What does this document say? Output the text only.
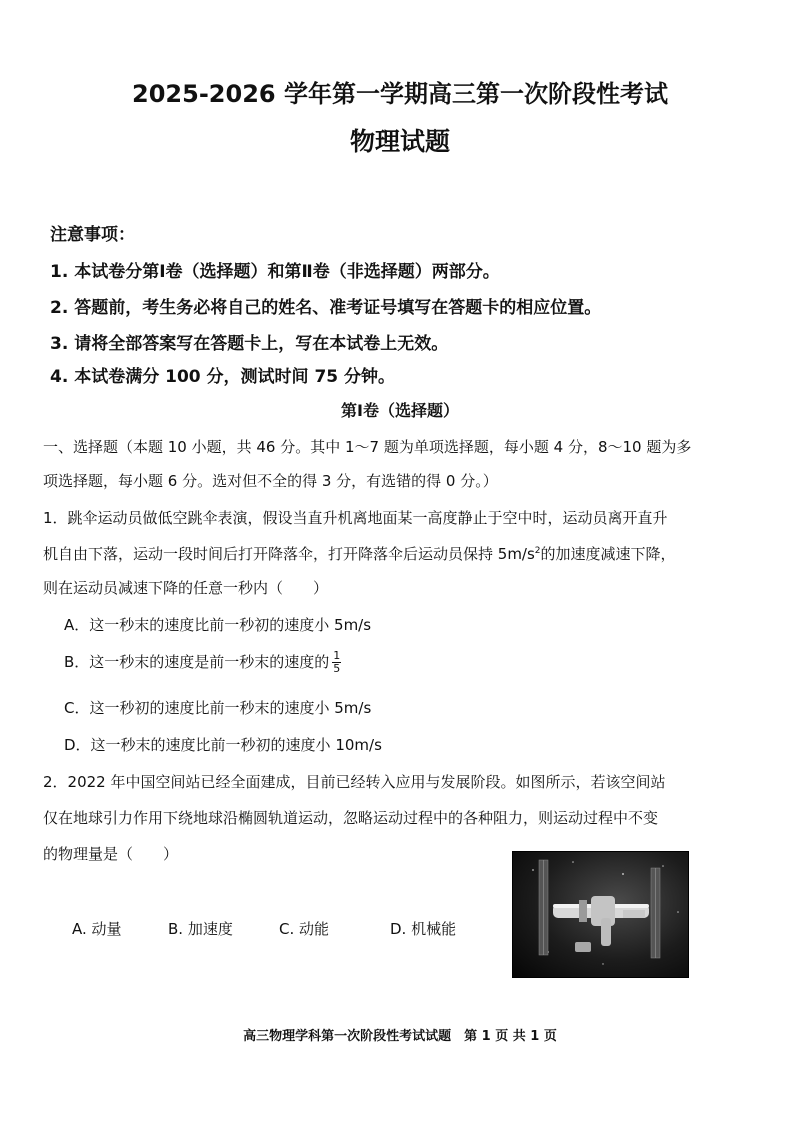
2025-2026 学年第一学期高三第一次阶段性考试
物理试题
注意事项：
1. 本试卷分第Ⅰ卷（选择题）和第Ⅱ卷（非选择题）两部分。
2. 答题前，考生务必将自己的姓名、准考证号填写在答题卡的相应位置。
3. 请将全部答案写在答题卡上，写在本试卷上无效。
4. 本试卷满分 100 分，测试时间 75 分钟。
第Ⅰ卷（选择题）
一、选择题（本题 10 小题，共 46 分。其中 1～7 题为单项选择题，每小题 4 分，8～10 题为多
项选择题，每小题 6 分。选对但不全的得 3 分，有选错的得 0 分。）
1．跳伞运动员做低空跳伞表演，假设当直升机离地面某一高度静止于空中时，运动员离开直升
机自由下落，运动一段时间后打开降落伞，打开降落伞后运动员保持 $5m/s^2$的加速度减速下降，
则在运动员减速下降的任意一秒内（　　）
A．这一秒末的速度比前一秒初的速度小 5m/s
B．这一秒末的速度是前一秒末的速度的 $\frac{1}{5}$
C．这一秒初的速度比前一秒末的速度小 5m/s
D．这一秒末的速度比前一秒初的速度小 10m/s
2．2022 年中国空间站已经全面建成，目前已经转入应用与发展阶段。如图所示，若该空间站
仅在地球引力作用下绕地球沿椭圆轨道运动，忽略运动过程中的各种阻力，则运动过程中不变
的物理量是（　　）
A. 动量	B. 加速度	C. 动能	D. 机械能
高三物理学科第一次阶段性考试试题　第 1 页 共 1 页
